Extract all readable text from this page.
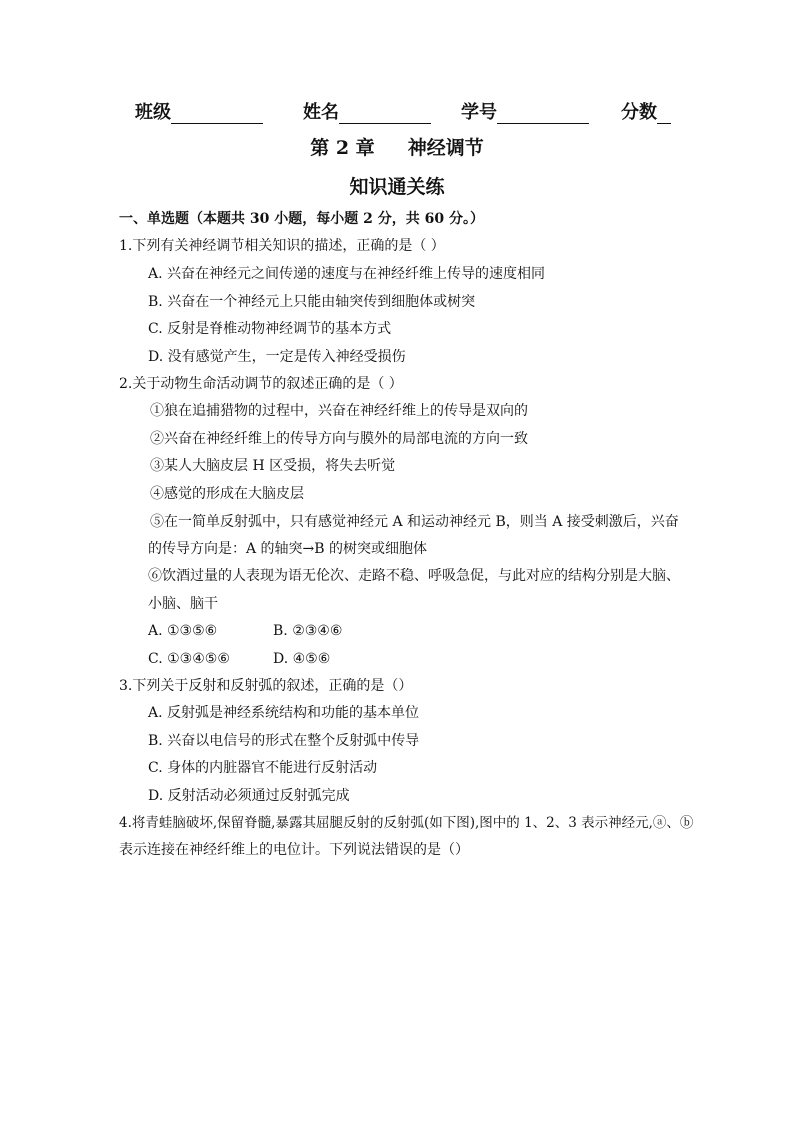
班级	姓名	学号	分数
第 2 章     神经调节
知识通关练
一、单选题（本题共 30 小题，每小题 2 分，共 60 分。）
1.下列有关神经调节相关知识的描述，正确的是（ ）
A. 兴奋在神经元之间传递的速度与在神经纤维上传导的速度相同
B. 兴奋在一个神经元上只能由轴突传到细胞体或树突
C. 反射是脊椎动物神经调节的基本方式
D. 没有感觉产生，一定是传入神经受损伤
2.关于动物生命活动调节的叙述正确的是（ ）
①狼在追捕猎物的过程中，兴奋在神经纤维上的传导是双向的
②兴奋在神经纤维上的传导方向与膜外的局部电流的方向一致
③某人大脑皮层 H 区受损，将失去听觉
④感觉的形成在大脑皮层
⑤在一简单反射弧中，只有感觉神经元 A 和运动神经元 B，则当 A 接受刺激后，兴奋
的传导方向是：A 的轴突→B 的树突或细胞体
⑥饮酒过量的人表现为语无伦次、走路不稳、呼吸急促，与此对应的结构分别是大脑、
小脑、脑干
A. ①③⑤⑥	B. ②③④⑥
C. ①③④⑤⑥	D. ④⑤⑥
3.下列关于反射和反射弧的叙述，正确的是（）
A. 反射弧是神经系统结构和功能的基本单位
B. 兴奋以电信号的形式在整个反射弧中传导
C. 身体的内脏器官不能进行反射活动
D. 反射活动必须通过反射弧完成
4.将青蛙脑破坏,保留脊髓,暴露其屈腿反射的反射弧(如下图),图中的 1、2、3 表示神经元,ⓐ、ⓑ
表示连接在神经纤维上的电位计。下列说法错误的是（）
